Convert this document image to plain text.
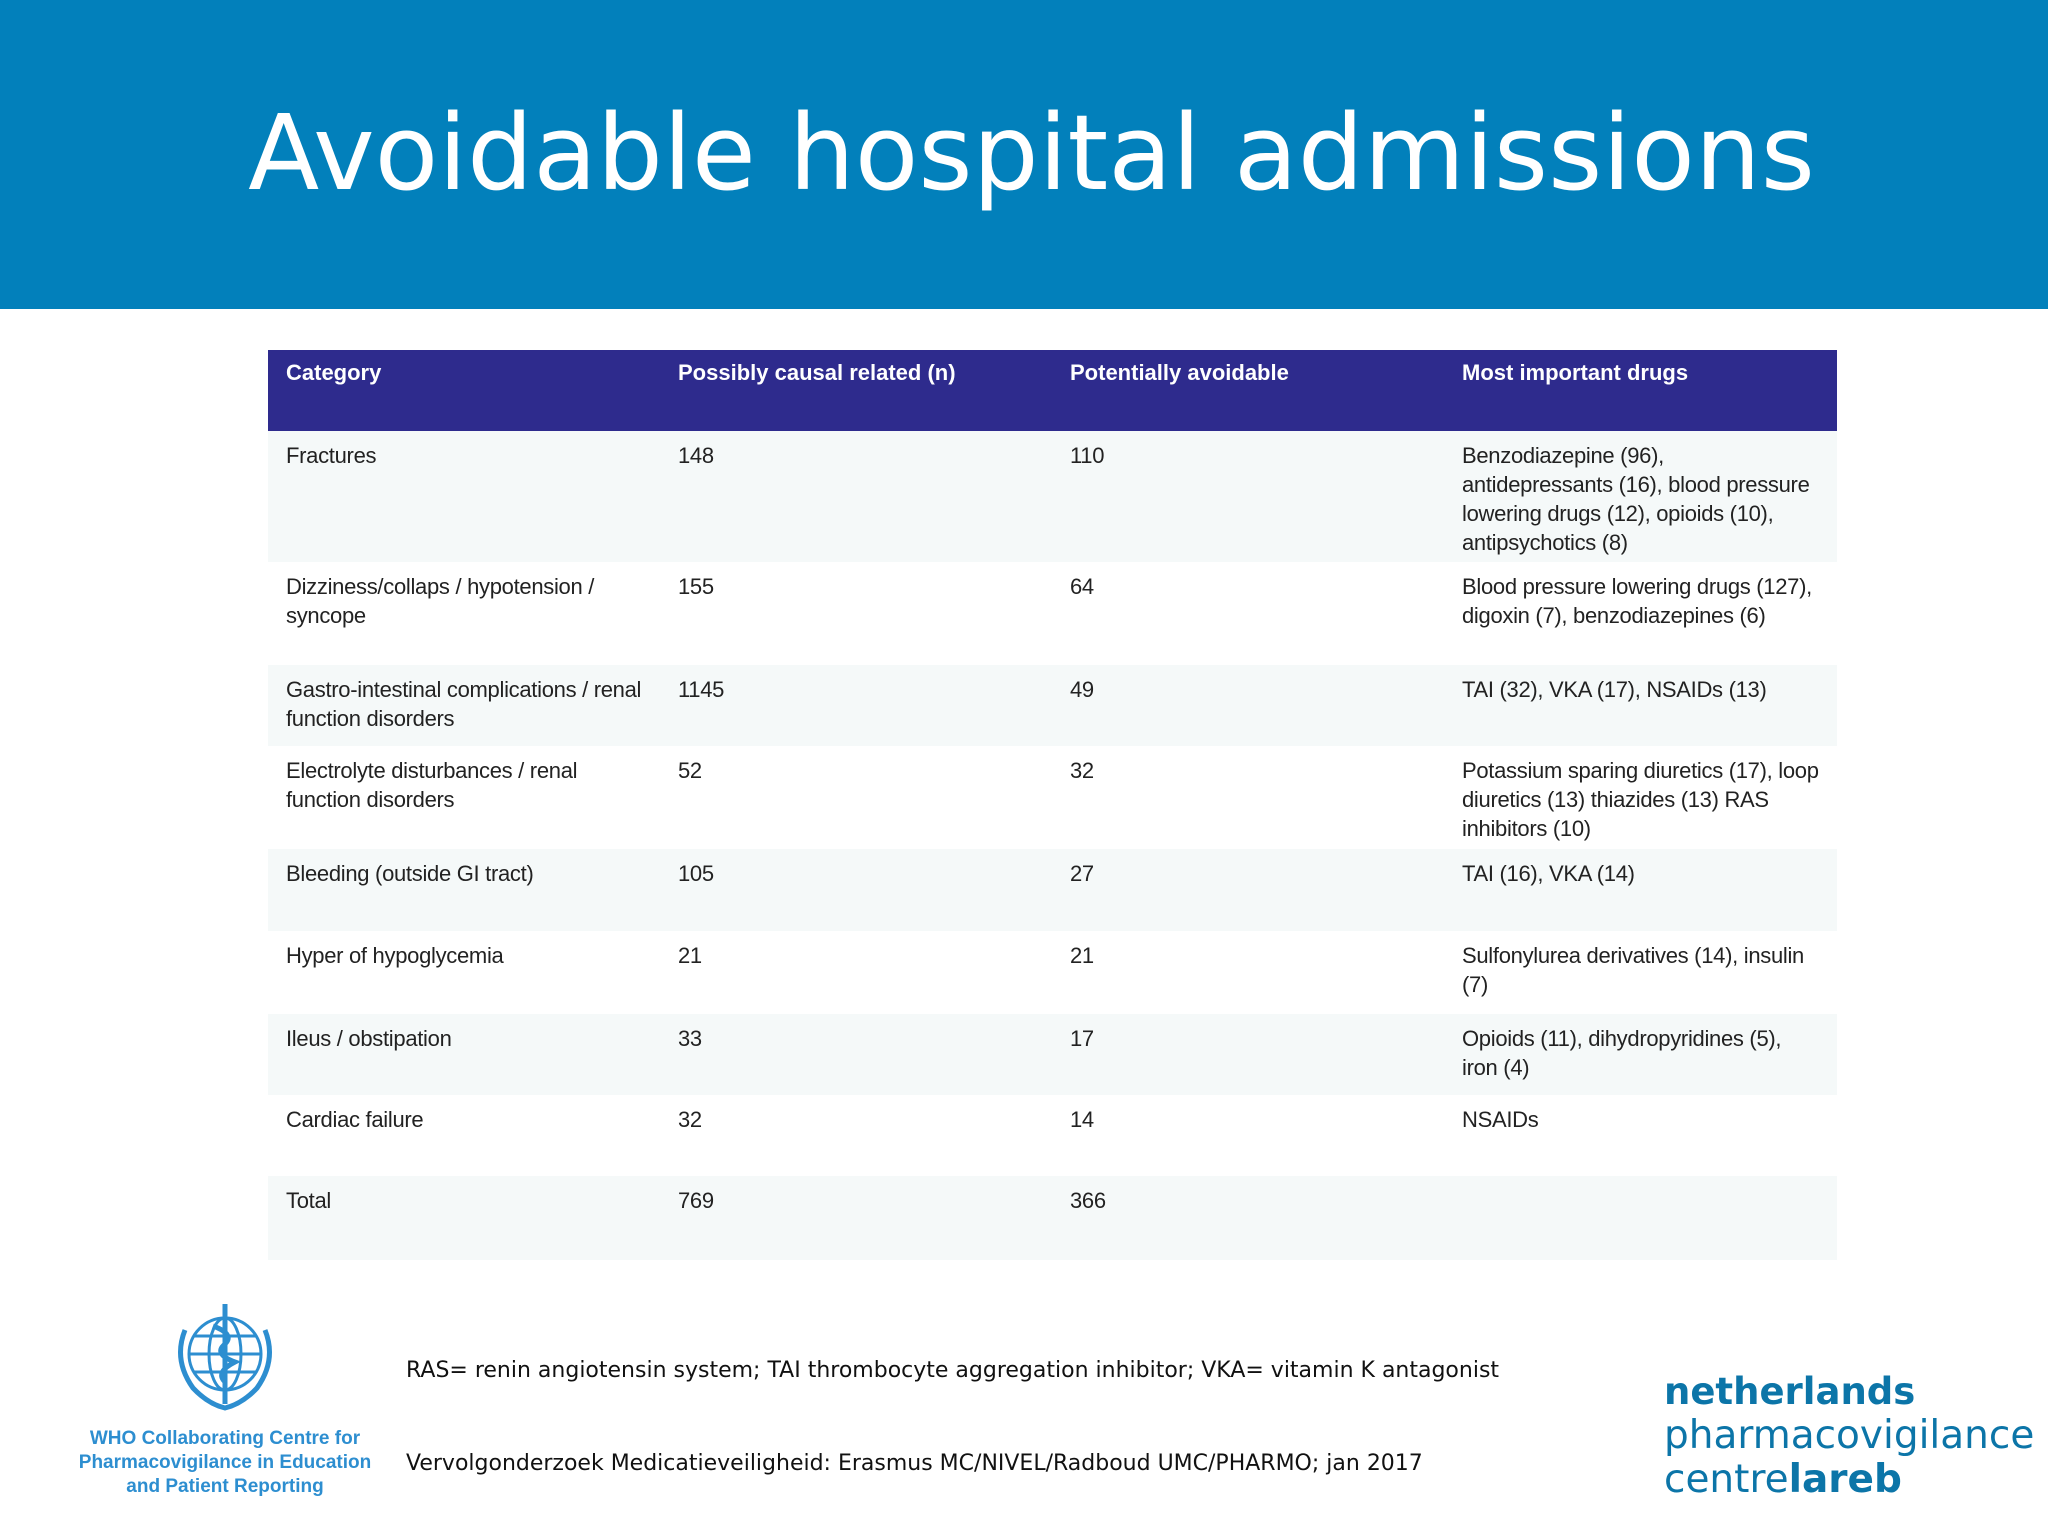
Avoidable hospital admissions
Category	Possibly causal related (n)	Potentially avoidable	Most important drugs
Fractures	148	110	Benzodiazepine (96), antidepressants (16), blood pressure lowering drugs (12), opioids (10), antipsychotics (8)
Dizziness/collaps / hypotension / syncope	155	64	Blood pressure lowering drugs (127), digoxin (7), benzodiazepines (6)
Gastro-intestinal complications / renal function disorders	1145	49	TAI (32), VKA (17), NSAIDs (13)
Electrolyte disturbances / renal function disorders	52	32	Potassium sparing diuretics (17), loop diuretics (13) thiazides (13) RAS inhibitors (10)
Bleeding (outside GI tract)	105	27	TAI (16), VKA (14)
Hyper of hypoglycemia	21	21	Sulfonylurea derivatives (14), insulin (7)
Ileus / obstipation	33	17	Opioids (11), dihydropyridines (5), iron (4)
Cardiac failure	32	14	NSAIDs
Total	769	366	
WHO Collaborating Centre for
Pharmacovigilance in Education
and Patient Reporting
RAS= renin angiotensin system; TAI thrombocyte aggregation inhibitor; VKA= vitamin K antagonist
Vervolgonderzoek Medicatieveiligheid: Erasmus MC/NIVEL/Radboud UMC/PHARMO; jan 2017
netherlands
pharmacovigilance
centrelareb
